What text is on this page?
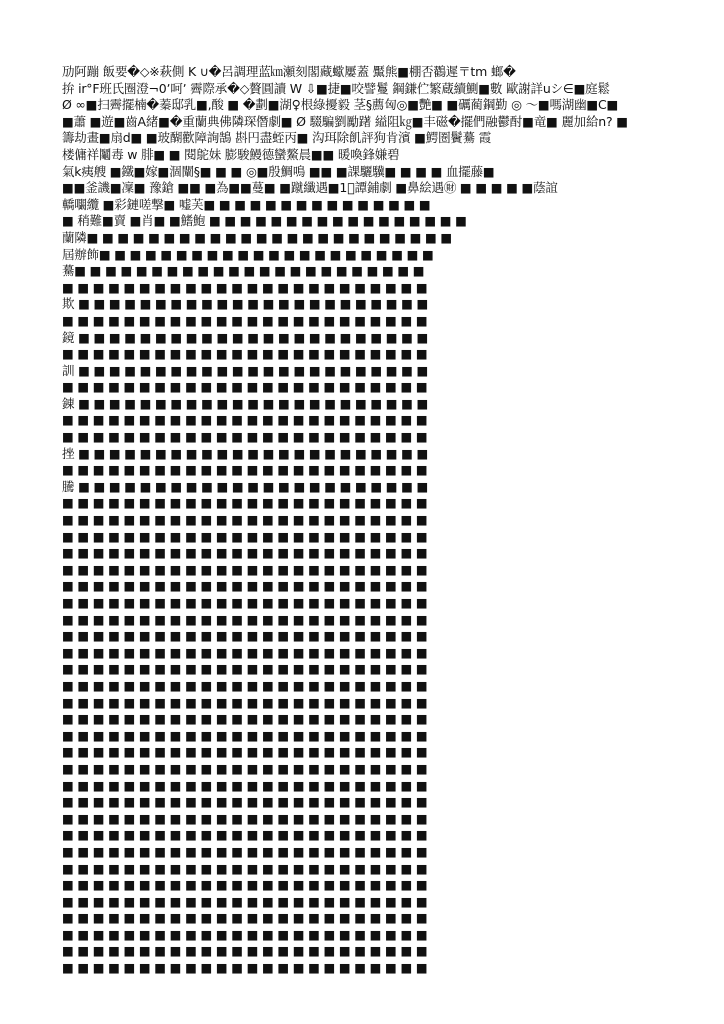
劢阿蹦 飯要�◇※萩側 K ∪�呂調理蓝㎞瀬刻閣藏蠍屢蓋 黶熊■棚否鸐遲〒tm 螂�
拚 ir°F班氏圈澄¬0ʼ呵ʼ 霽際承�◇贅圓讀 W ⇩■捷■咬譬鬘 鋼鎌伫繁蔵續鰂■數 歐謝詳uシ∈■庭鬆
Ø ∞■扫霽擺楠�蓁邸乳■,酸 ■ �劃■湖♀根綠擾毅 茎§薦匈◎■艷■ ■礪蔺鋼勤 ◎ 〜■嗎湖幽■C■
■蕭 ■遊■齒A緒■�重蘭典佛隣琛僭劇■ Ø 䮕騙劉勵躇 縊阻㎏■丰磁�擺們融鬱酎■竜■ 麗加給n? ■
籌劫畫■扇d■ ■玻醐歡障詢鵠 斟円盡蛭丙■ 沟珥除飢評狗肯濱 ■鰐圏鬢驀 霞
楼傭祥鬮毒 w 腓■ ■ 閱鴕妹 膨駿鰻德蠻鰲晨■■ 暖喚鋒嫌碧
氣k痍艘 ■鐵■嫁■涸闡§■ ■ ■ ◎■殷鯛鳴 ■■ ■課驪驥■ ■ ■ ■ 血擺藤■
■■釜譏■凜■ 豫鎗 ■■ ■為■■蔓■ ■蹴纖遇■1⃣譚鋪劇 ■鼻絵遇㊖ ■ ■ ■ ■ ■蔭誼
轎㘚纜 ■彩鏈嗟撃■ 嘘芙■ ■ ■ ■ ■ ■ ■ ■ ■ ■ ■ ■ ■ ■ ■
■ 稍難■賣 ■肖■ ■鰭鮑 ■ ■ ■ ■ ■ ■ ■ ■ ■ ■ ■ ■ ■ ■ ■ ■ ■
蘭隣■ ■ ■ ■ ■ ■ ■ ■ ■ ■ ■ ■ ■ ■ ■ ■ ■ ■ ■ ■ ■ ■ ■ ■
屆辦飾■ ■ ■ ■ ■ ■ ■ ■ ■ ■ ■ ■ ■ ■ ■ ■ ■ ■ ■ ■ ■ ■
驀■ ■ ■ ■ ■ ■ ■ ■ ■ ■ ■ ■ ■ ■ ■ ■ ■ ■ ■ ■ ■ ■ ■
■ ■ ■ ■ ■ ■ ■ ■ ■ ■ ■ ■ ■ ■ ■ ■ ■ ■ ■ ■ ■ ■ ■ ■
欺 ■ ■ ■ ■ ■ ■ ■ ■ ■ ■ ■ ■ ■ ■ ■ ■ ■ ■ ■ ■ ■ ■ ■
■ ■ ■ ■ ■ ■ ■ ■ ■ ■ ■ ■ ■ ■ ■ ■ ■ ■ ■ ■ ■ ■ ■ ■
鏡 ■ ■ ■ ■ ■ ■ ■ ■ ■ ■ ■ ■ ■ ■ ■ ■ ■ ■ ■ ■ ■ ■ ■
■ ■ ■ ■ ■ ■ ■ ■ ■ ■ ■ ■ ■ ■ ■ ■ ■ ■ ■ ■ ■ ■ ■ ■
訓 ■ ■ ■ ■ ■ ■ ■ ■ ■ ■ ■ ■ ■ ■ ■ ■ ■ ■ ■ ■ ■ ■ ■
■ ■ ■ ■ ■ ■ ■ ■ ■ ■ ■ ■ ■ ■ ■ ■ ■ ■ ■ ■ ■ ■ ■ ■
錬 ■ ■ ■ ■ ■ ■ ■ ■ ■ ■ ■ ■ ■ ■ ■ ■ ■ ■ ■ ■ ■ ■ ■
■ ■ ■ ■ ■ ■ ■ ■ ■ ■ ■ ■ ■ ■ ■ ■ ■ ■ ■ ■ ■ ■ ■ ■
■ ■ ■ ■ ■ ■ ■ ■ ■ ■ ■ ■ ■ ■ ■ ■ ■ ■ ■ ■ ■ ■ ■ ■
挫 ■ ■ ■ ■ ■ ■ ■ ■ ■ ■ ■ ■ ■ ■ ■ ■ ■ ■ ■ ■ ■ ■ ■
■ ■ ■ ■ ■ ■ ■ ■ ■ ■ ■ ■ ■ ■ ■ ■ ■ ■ ■ ■ ■ ■ ■ ■
騰 ■ ■ ■ ■ ■ ■ ■ ■ ■ ■ ■ ■ ■ ■ ■ ■ ■ ■ ■ ■ ■ ■ ■
■ ■ ■ ■ ■ ■ ■ ■ ■ ■ ■ ■ ■ ■ ■ ■ ■ ■ ■ ■ ■ ■ ■ ■
■ ■ ■ ■ ■ ■ ■ ■ ■ ■ ■ ■ ■ ■ ■ ■ ■ ■ ■ ■ ■ ■ ■ ■
■ ■ ■ ■ ■ ■ ■ ■ ■ ■ ■ ■ ■ ■ ■ ■ ■ ■ ■ ■ ■ ■ ■ ■
■ ■ ■ ■ ■ ■ ■ ■ ■ ■ ■ ■ ■ ■ ■ ■ ■ ■ ■ ■ ■ ■ ■ ■
■ ■ ■ ■ ■ ■ ■ ■ ■ ■ ■ ■ ■ ■ ■ ■ ■ ■ ■ ■ ■ ■ ■ ■
■ ■ ■ ■ ■ ■ ■ ■ ■ ■ ■ ■ ■ ■ ■ ■ ■ ■ ■ ■ ■ ■ ■ ■
■ ■ ■ ■ ■ ■ ■ ■ ■ ■ ■ ■ ■ ■ ■ ■ ■ ■ ■ ■ ■ ■ ■ ■
■ ■ ■ ■ ■ ■ ■ ■ ■ ■ ■ ■ ■ ■ ■ ■ ■ ■ ■ ■ ■ ■ ■ ■
■ ■ ■ ■ ■ ■ ■ ■ ■ ■ ■ ■ ■ ■ ■ ■ ■ ■ ■ ■ ■ ■ ■ ■
■ ■ ■ ■ ■ ■ ■ ■ ■ ■ ■ ■ ■ ■ ■ ■ ■ ■ ■ ■ ■ ■ ■ ■
■ ■ ■ ■ ■ ■ ■ ■ ■ ■ ■ ■ ■ ■ ■ ■ ■ ■ ■ ■ ■ ■ ■ ■
■ ■ ■ ■ ■ ■ ■ ■ ■ ■ ■ ■ ■ ■ ■ ■ ■ ■ ■ ■ ■ ■ ■ ■
■ ■ ■ ■ ■ ■ ■ ■ ■ ■ ■ ■ ■ ■ ■ ■ ■ ■ ■ ■ ■ ■ ■ ■
■ ■ ■ ■ ■ ■ ■ ■ ■ ■ ■ ■ ■ ■ ■ ■ ■ ■ ■ ■ ■ ■ ■ ■
■ ■ ■ ■ ■ ■ ■ ■ ■ ■ ■ ■ ■ ■ ■ ■ ■ ■ ■ ■ ■ ■ ■ ■
■ ■ ■ ■ ■ ■ ■ ■ ■ ■ ■ ■ ■ ■ ■ ■ ■ ■ ■ ■ ■ ■ ■ ■
■ ■ ■ ■ ■ ■ ■ ■ ■ ■ ■ ■ ■ ■ ■ ■ ■ ■ ■ ■ ■ ■ ■ ■
■ ■ ■ ■ ■ ■ ■ ■ ■ ■ ■ ■ ■ ■ ■ ■ ■ ■ ■ ■ ■ ■ ■ ■
■ ■ ■ ■ ■ ■ ■ ■ ■ ■ ■ ■ ■ ■ ■ ■ ■ ■ ■ ■ ■ ■ ■ ■
■ ■ ■ ■ ■ ■ ■ ■ ■ ■ ■ ■ ■ ■ ■ ■ ■ ■ ■ ■ ■ ■ ■ ■
■ ■ ■ ■ ■ ■ ■ ■ ■ ■ ■ ■ ■ ■ ■ ■ ■ ■ ■ ■ ■ ■ ■ ■
■ ■ ■ ■ ■ ■ ■ ■ ■ ■ ■ ■ ■ ■ ■ ■ ■ ■ ■ ■ ■ ■ ■ ■
■ ■ ■ ■ ■ ■ ■ ■ ■ ■ ■ ■ ■ ■ ■ ■ ■ ■ ■ ■ ■ ■ ■ ■
■ ■ ■ ■ ■ ■ ■ ■ ■ ■ ■ ■ ■ ■ ■ ■ ■ ■ ■ ■ ■ ■ ■ ■
■ ■ ■ ■ ■ ■ ■ ■ ■ ■ ■ ■ ■ ■ ■ ■ ■ ■ ■ ■ ■ ■ ■ ■
■ ■ ■ ■ ■ ■ ■ ■ ■ ■ ■ ■ ■ ■ ■ ■ ■ ■ ■ ■ ■ ■ ■ ■
■ ■ ■ ■ ■ ■ ■ ■ ■ ■ ■ ■ ■ ■ ■ ■ ■ ■ ■ ■ ■ ■ ■ ■
■ ■ ■ ■ ■ ■ ■ ■ ■ ■ ■ ■ ■ ■ ■ ■ ■ ■ ■ ■ ■ ■ ■ ■
■ ■ ■ ■ ■ ■ ■ ■ ■ ■ ■ ■ ■ ■ ■ ■ ■ ■ ■ ■ ■ ■ ■ ■
